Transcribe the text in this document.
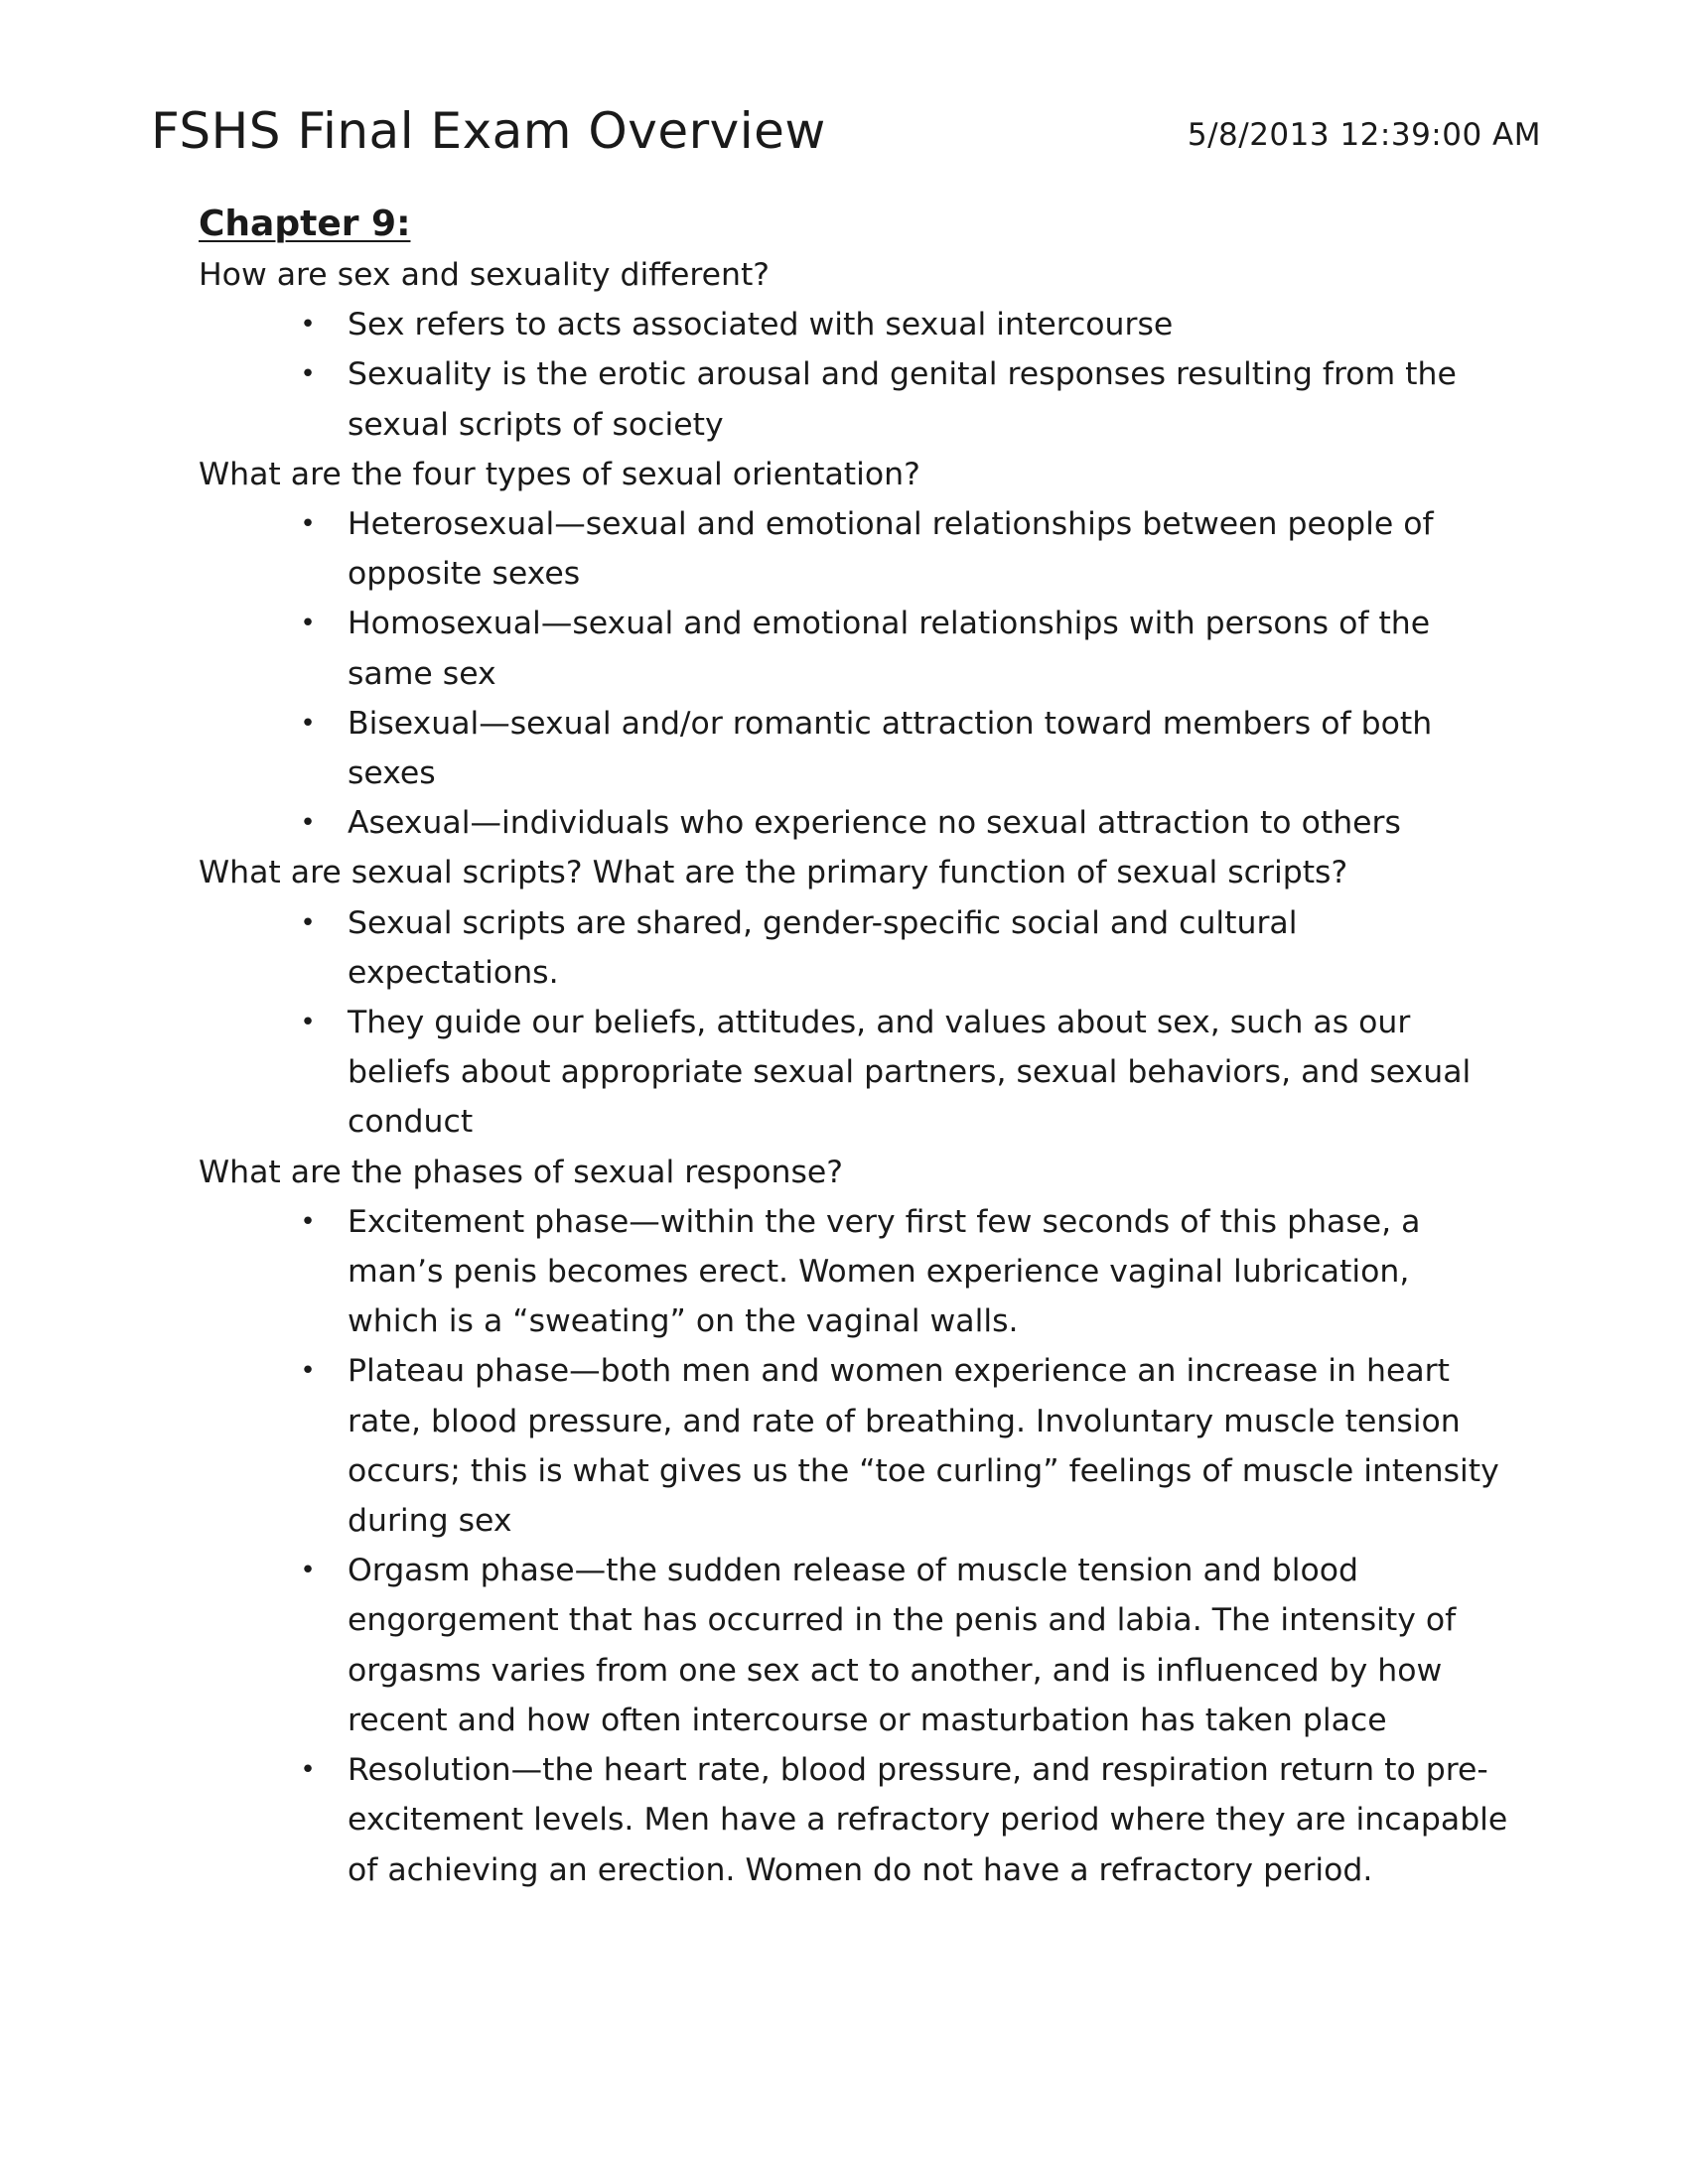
FSHS Final Exam Overview	5/8/2013 12:39:00 AM
Chapter 9:

How are sex and sexuality different?

• Sex refers to acts associated with sexual intercourse
• Sexuality is the erotic arousal and genital responses resulting from the sexual scripts of society

What are the four types of sexual orientation?

• Heterosexual—sexual and emotional relationships between people of opposite sexes
• Homosexual—sexual and emotional relationships with persons of the same sex
• Bisexual—sexual and/or romantic attraction toward members of both sexes
• Asexual—individuals who experience no sexual attraction to others

What are sexual scripts? What are the primary function of sexual scripts?

• Sexual scripts are shared, gender-specific social and cultural expectations.
• They guide our beliefs, attitudes, and values about sex, such as our beliefs about appropriate sexual partners, sexual behaviors, and sexual conduct

What are the phases of sexual response?

• Excitement phase—within the very first few seconds of this phase, a man’s penis becomes erect. Women experience vaginal lubrication, which is a “sweating” on the vaginal walls.
• Plateau phase—both men and women experience an increase in heart rate, blood pressure, and rate of breathing. Involuntary muscle tension occurs; this is what gives us the “toe curling” feelings of muscle intensity during sex
• Orgasm phase—the sudden release of muscle tension and blood engorgement that has occurred in the penis and labia. The intensity of orgasms varies from one sex act to another, and is influenced by how recent and how often intercourse or masturbation has taken place
• Resolution—the heart rate, blood pressure, and respiration return to pre-excitement levels. Men have a refractory period where they are incapable of achieving an erection. Women do not have a refractory period.
